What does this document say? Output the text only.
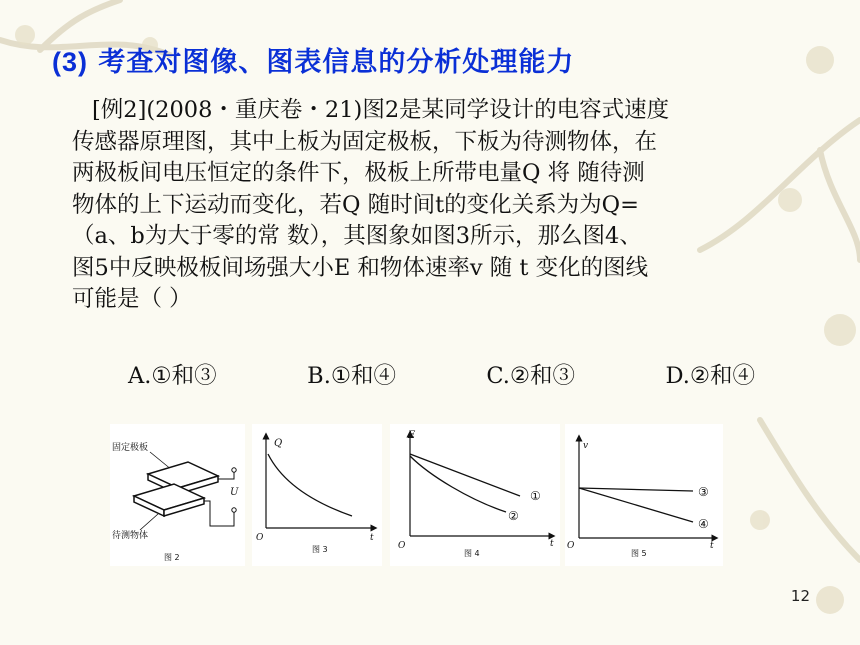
(3) 考查对图像、图表信息的分析处理能力
[例2](2008・重庆卷・21)图2是某同学设计的电容式速度
传感器原理图，其中上板为固定极板，下板为待测物体，在
两极板间电压恒定的条件下，极板上所带电量Q 将 随待测
物体的上下运动而变化，若Q 随时间t的变化关系为为Q=
（a、b为大于零的常 数），其图象如图3所示，那么图4、
图5中反映极板间场强大小E 和物体速率v 随 t 变化的图线
可能是（ ）
A.①和③	B.①和④	C.②和③	D.②和④
固定极板
U
待测物体
图 2
Q
t
O
图 3
E
t
O
①
②
图 4
v
t
O
③
④
图 5
12
